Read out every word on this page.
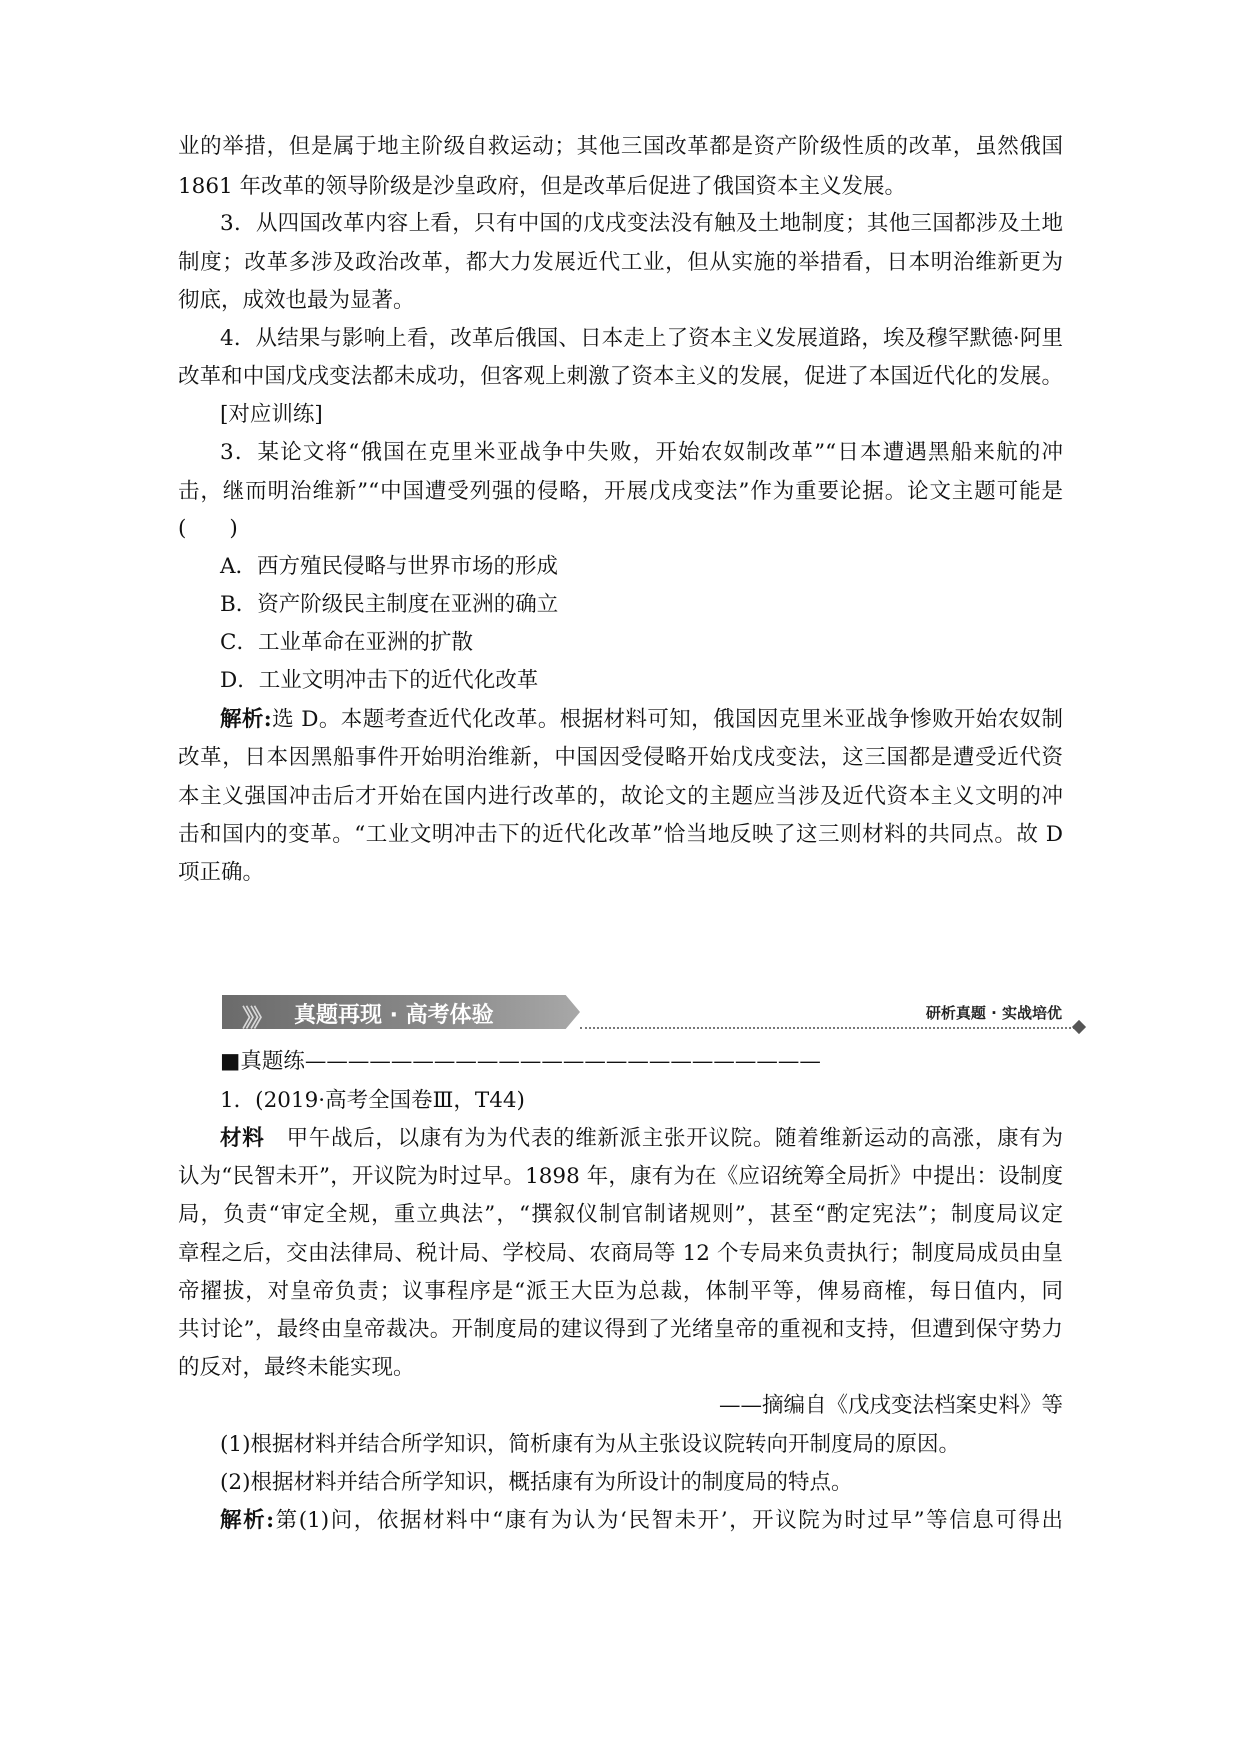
业的举措，但是属于地主阶级自救运动；其他三国改革都是资产阶级性质的改革，虽然俄国
1861 年改革的领导阶级是沙皇政府，但是改革后促进了俄国资本主义发展。
3．从四国改革内容上看，只有中国的戊戌变法没有触及土地制度；其他三国都涉及土地
制度；改革多涉及政治改革，都大力发展近代工业，但从实施的举措看，日本明治维新更为
彻底，成效也最为显著。
4．从结果与影响上看，改革后俄国、日本走上了资本主义发展道路，埃及穆罕默德·阿里
改革和中国戊戌变法都未成功，但客观上刺激了资本主义的发展，促进了本国近代化的发展。
[对应训练]
3．某论文将“俄国在克里米亚战争中失败，开始农奴制改革”“日本遭遇黑船来航的冲
击，继而明治维新”“中国遭受列强的侵略，开展戊戌变法”作为重要论据。论文主题可能是
(　　)
A．西方殖民侵略与世界市场的形成
B．资产阶级民主制度在亚洲的确立
C．工业革命在亚洲的扩散
D．工业文明冲击下的近代化改革
解析:选 D。本题考查近代化改革。根据材料可知，俄国因克里米亚战争惨败开始农奴制
改革，日本因黑船事件开始明治维新，中国因受侵略开始戊戌变法，这三国都是遭受近代资
本主义强国冲击后才开始在国内进行改革的，故论文的主题应当涉及近代资本主义文明的冲
击和国内的变革。“工业文明冲击下的近代化改革”恰当地反映了这三则材料的共同点。故 D
项正确。
》》 真题再现 · 高考体验	研析真题 · 实战培优
■真题练————————————————————————
1．(2019·高考全国卷Ⅲ，T44)
材料　甲午战后，以康有为为代表的维新派主张开议院。随着维新运动的高涨，康有为
认为“民智未开”，开议院为时过早。1898 年，康有为在《应诏统筹全局折》中提出：设制度
局，负责“审定全规，重立典法”，“撰叙仪制官制诸规则”，甚至“酌定宪法”；制度局议定
章程之后，交由法律局、税计局、学校局、农商局等 12 个专局来负责执行；制度局成员由皇
帝擢拔，对皇帝负责；议事程序是“派王大臣为总裁，体制平等，俾易商榷，每日值内，同
共讨论”，最终由皇帝裁决。开制度局的建议得到了光绪皇帝的重视和支持，但遭到保守势力
的反对，最终未能实现。
——摘编自《戊戌变法档案史料》等
(1)根据材料并结合所学知识，简析康有为从主张设议院转向开制度局的原因。
(2)根据材料并结合所学知识，概括康有为所设计的制度局的特点。
解析:第(1)问，依据材料中“康有为认为‘民智未开’，开议院为时过早”等信息可得出
